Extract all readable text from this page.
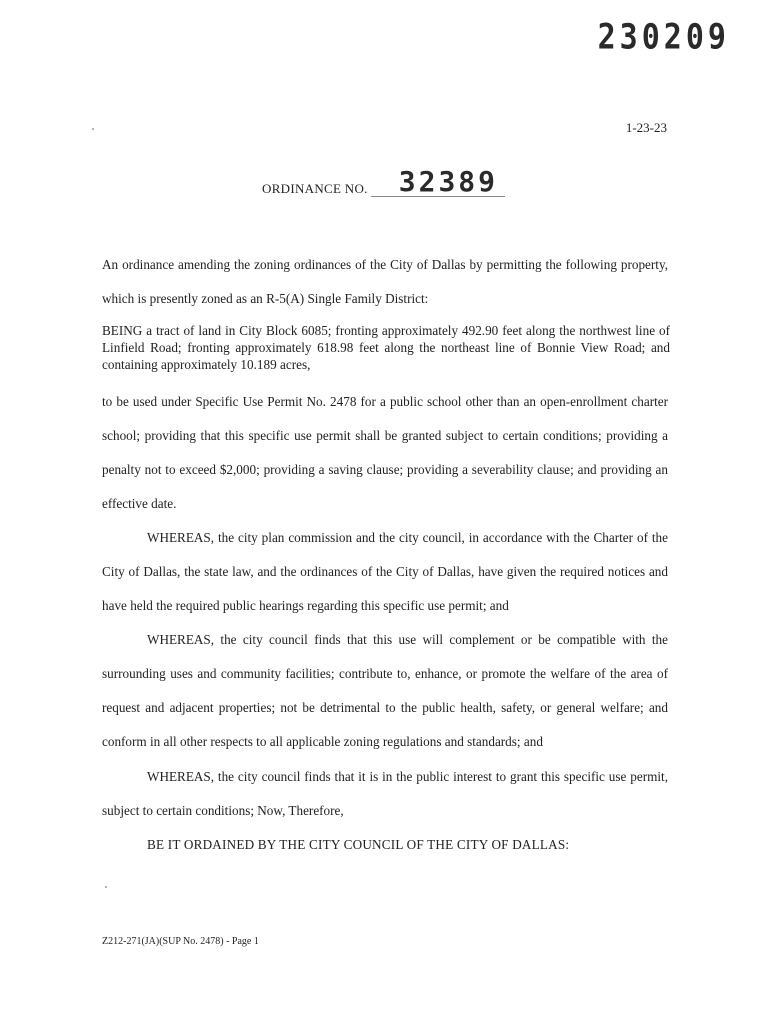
230209
1-23-23
ORDINANCE NO. 32389
An ordinance amending the zoning ordinances of the City of Dallas by permitting the following property, which is presently zoned as an R-5(A) Single Family District:
BEING a tract of land in City Block 6085; fronting approximately 492.90 feet along the northwest line of Linfield Road; fronting approximately 618.98 feet along the northeast line of Bonnie View Road; and containing approximately 10.189 acres,
to be used under Specific Use Permit No. 2478 for a public school other than an open-enrollment charter school; providing that this specific use permit shall be granted subject to certain conditions; providing a penalty not to exceed $2,000; providing a saving clause; providing a severability clause; and providing an effective date.
WHEREAS, the city plan commission and the city council, in accordance with the Charter of the City of Dallas, the state law, and the ordinances of the City of Dallas, have given the required notices and have held the required public hearings regarding this specific use permit; and
WHEREAS, the city council finds that this use will complement or be compatible with the surrounding uses and community facilities; contribute to, enhance, or promote the welfare of the area of request and adjacent properties; not be detrimental to the public health, safety, or general welfare; and conform in all other respects to all applicable zoning regulations and standards; and
WHEREAS, the city council finds that it is in the public interest to grant this specific use permit, subject to certain conditions; Now, Therefore,
BE IT ORDAINED BY THE CITY COUNCIL OF THE CITY OF DALLAS:
Z212-271(JA)(SUP No. 2478) - Page 1
